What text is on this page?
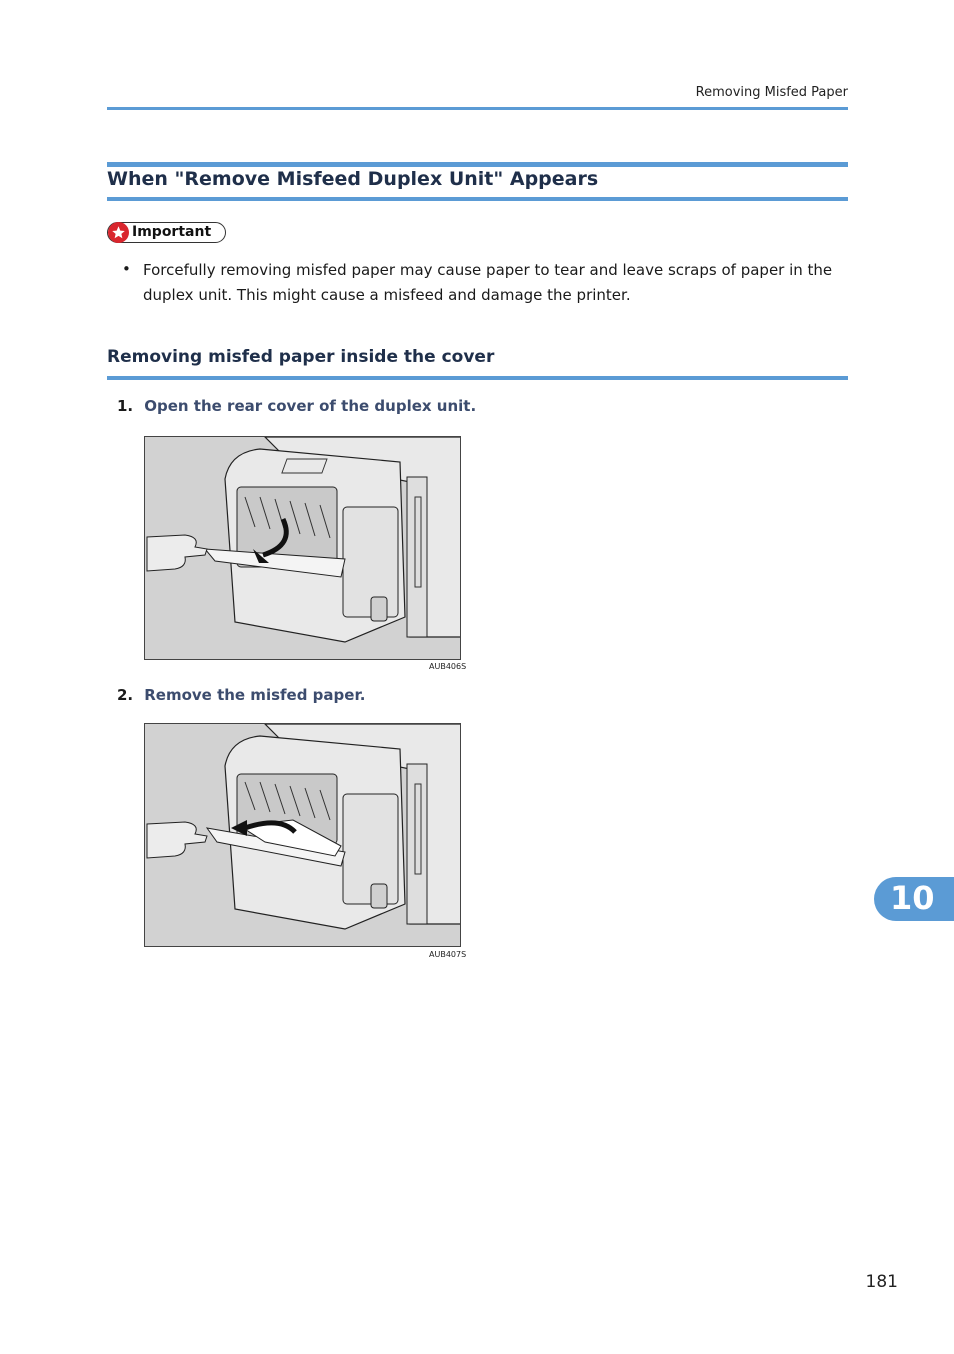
Removing Misfed Paper
When "Remove Misfeed Duplex Unit" Appears
Important
• Forcefully removing misfed paper may cause paper to tear and leave scraps of paper in the duplex unit. This might cause a misfeed and damage the printer.
Removing misfed paper inside the cover
1. Open the rear cover of the duplex unit.
AUB406S
2. Remove the misfed paper.
AUB407S
10
181
